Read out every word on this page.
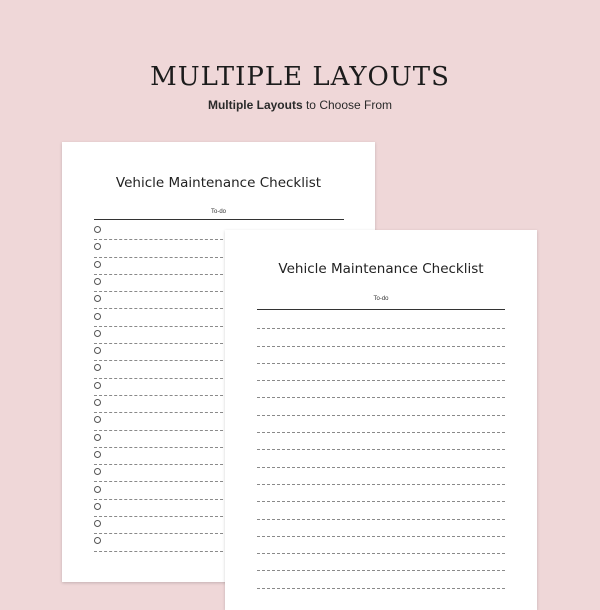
MULTIPLE LAYOUTS
Multiple Layouts to Choose From
Vehicle Maintenance Checklist
To-do
Vehicle Maintenance Checklist
To-do
